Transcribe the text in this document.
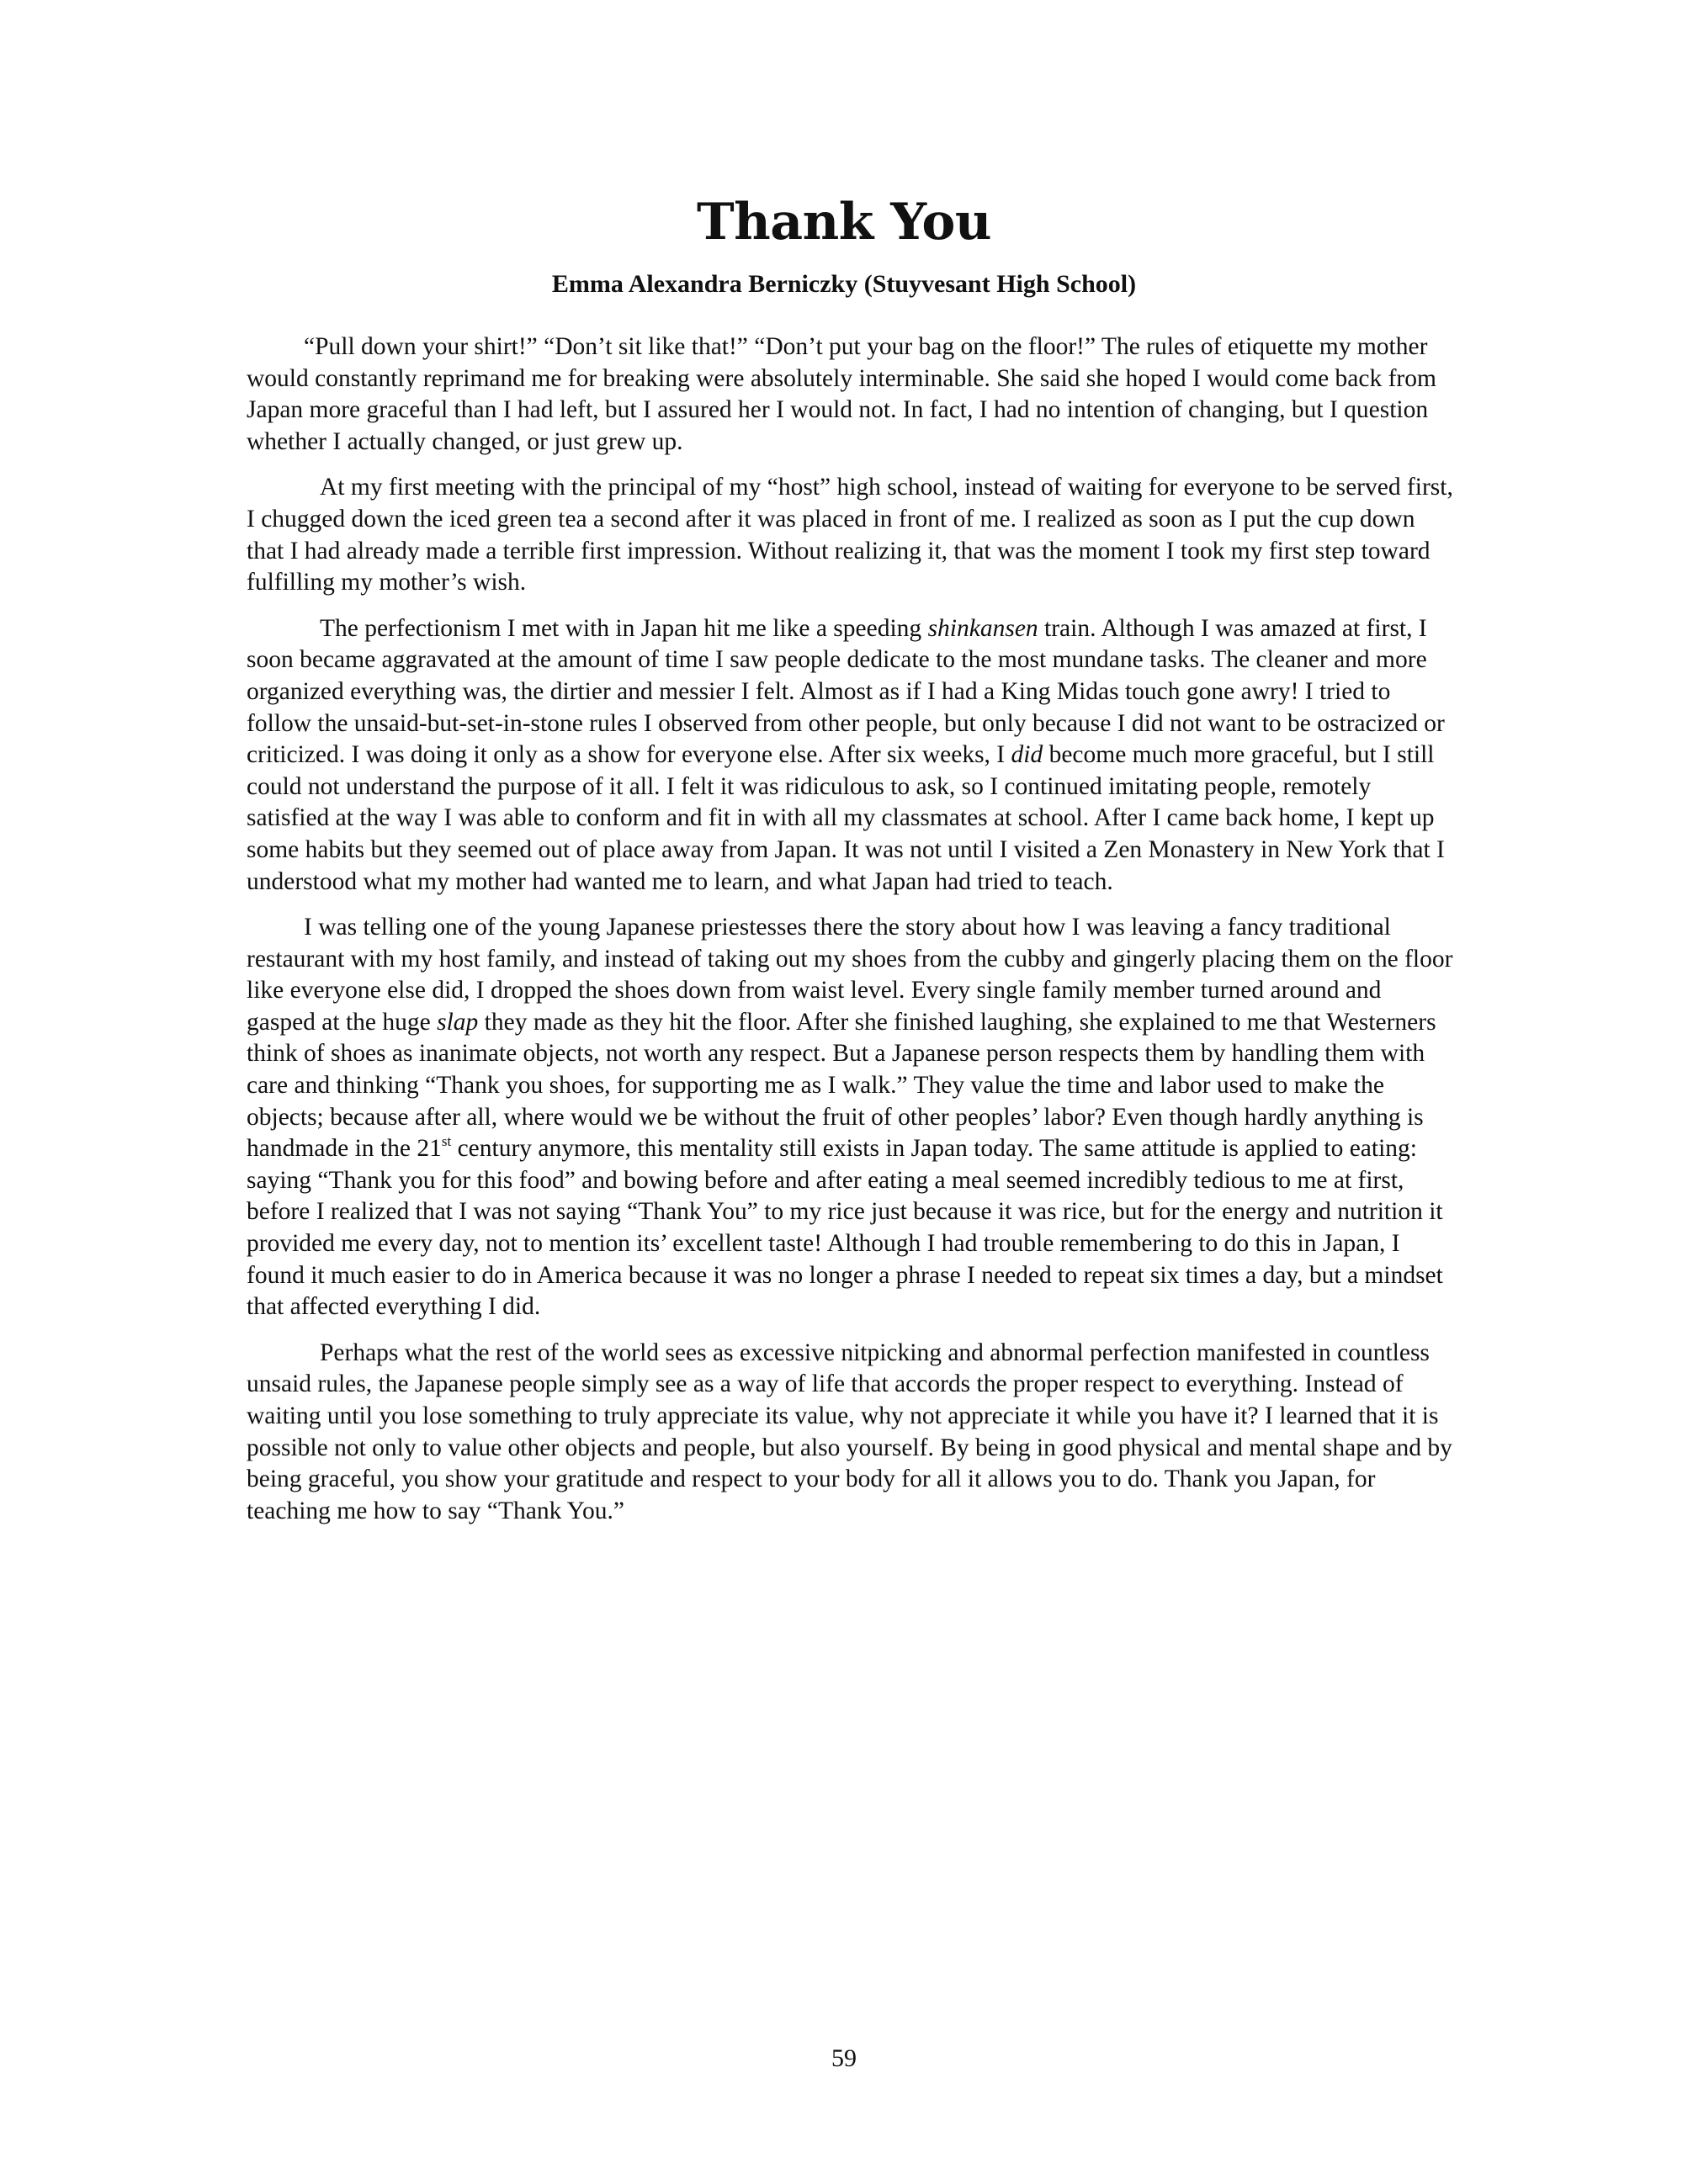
Thank You

Emma Alexandra Berniczky (Stuyvesant High School)

“Pull down your shirt!” “Don’t sit like that!” “Don’t put your bag on the floor!” The rules of etiquette my mother would constantly reprimand me for breaking were absolutely interminable. She said she hoped I would come back from Japan more graceful than I had left, but I assured her I would not. In fact, I had no intention of changing, but I question whether I actually changed, or just grew up.

At my first meeting with the principal of my “host” high school, instead of waiting for everyone to be served first, I chugged down the iced green tea a second after it was placed in front of me. I realized as soon as I put the cup down that I had already made a terrible first impression. Without realizing it, that was the moment I took my first step toward fulfilling my mother’s wish.

The perfectionism I met with in Japan hit me like a speeding shinkansen train. Although I was amazed at first, I soon became aggravated at the amount of time I saw people dedicate to the most mundane tasks. The cleaner and more organized everything was, the dirtier and messier I felt. Almost as if I had a King Midas touch gone awry! I tried to follow the unsaid-but-set-in-stone rules I observed from other people, but only because I did not want to be ostracized or criticized. I was doing it only as a show for everyone else. After six weeks, I did become much more graceful, but I still could not understand the purpose of it all. I felt it was ridiculous to ask, so I continued imitating people, remotely satisfied at the way I was able to conform and fit in with all my classmates at school. After I came back home, I kept up some habits but they seemed out of place away from Japan. It was not until I visited a Zen Monastery in New York that I understood what my mother had wanted me to learn, and what Japan had tried to teach.

I was telling one of the young Japanese priestesses there the story about how I was leaving a fancy traditional restaurant with my host family, and instead of taking out my shoes from the cubby and gingerly placing them on the floor like everyone else did, I dropped the shoes down from waist level. Every single family member turned around and gasped at the huge slap they made as they hit the floor. After she finished laughing, she explained to me that Westerners think of shoes as inanimate objects, not worth any respect. But a Japanese person respects them by handling them with care and thinking “Thank you shoes, for supporting me as I walk.” They value the time and labor used to make the objects; because after all, where would we be without the fruit of other peoples’ labor? Even though hardly anything is handmade in the 21st century anymore, this mentality still exists in Japan today. The same attitude is applied to eating: saying “Thank you for this food” and bowing before and after eating a meal seemed incredibly tedious to me at first, before I realized that I was not saying “Thank You” to my rice just because it was rice, but for the energy and nutrition it provided me every day, not to mention its’ excellent taste! Although I had trouble remembering to do this in Japan, I found it much easier to do in America because it was no longer a phrase I needed to repeat six times a day, but a mindset that affected everything I did.

Perhaps what the rest of the world sees as excessive nitpicking and abnormal perfection manifested in countless unsaid rules, the Japanese people simply see as a way of life that accords the proper respect to everything. Instead of waiting until you lose something to truly appreciate its value, why not appreciate it while you have it? I learned that it is possible not only to value other objects and people, but also yourself. By being in good physical and mental shape and by being graceful, you show your gratitude and respect to your body for all it allows you to do. Thank you Japan, for teaching me how to say “Thank You.”

59
